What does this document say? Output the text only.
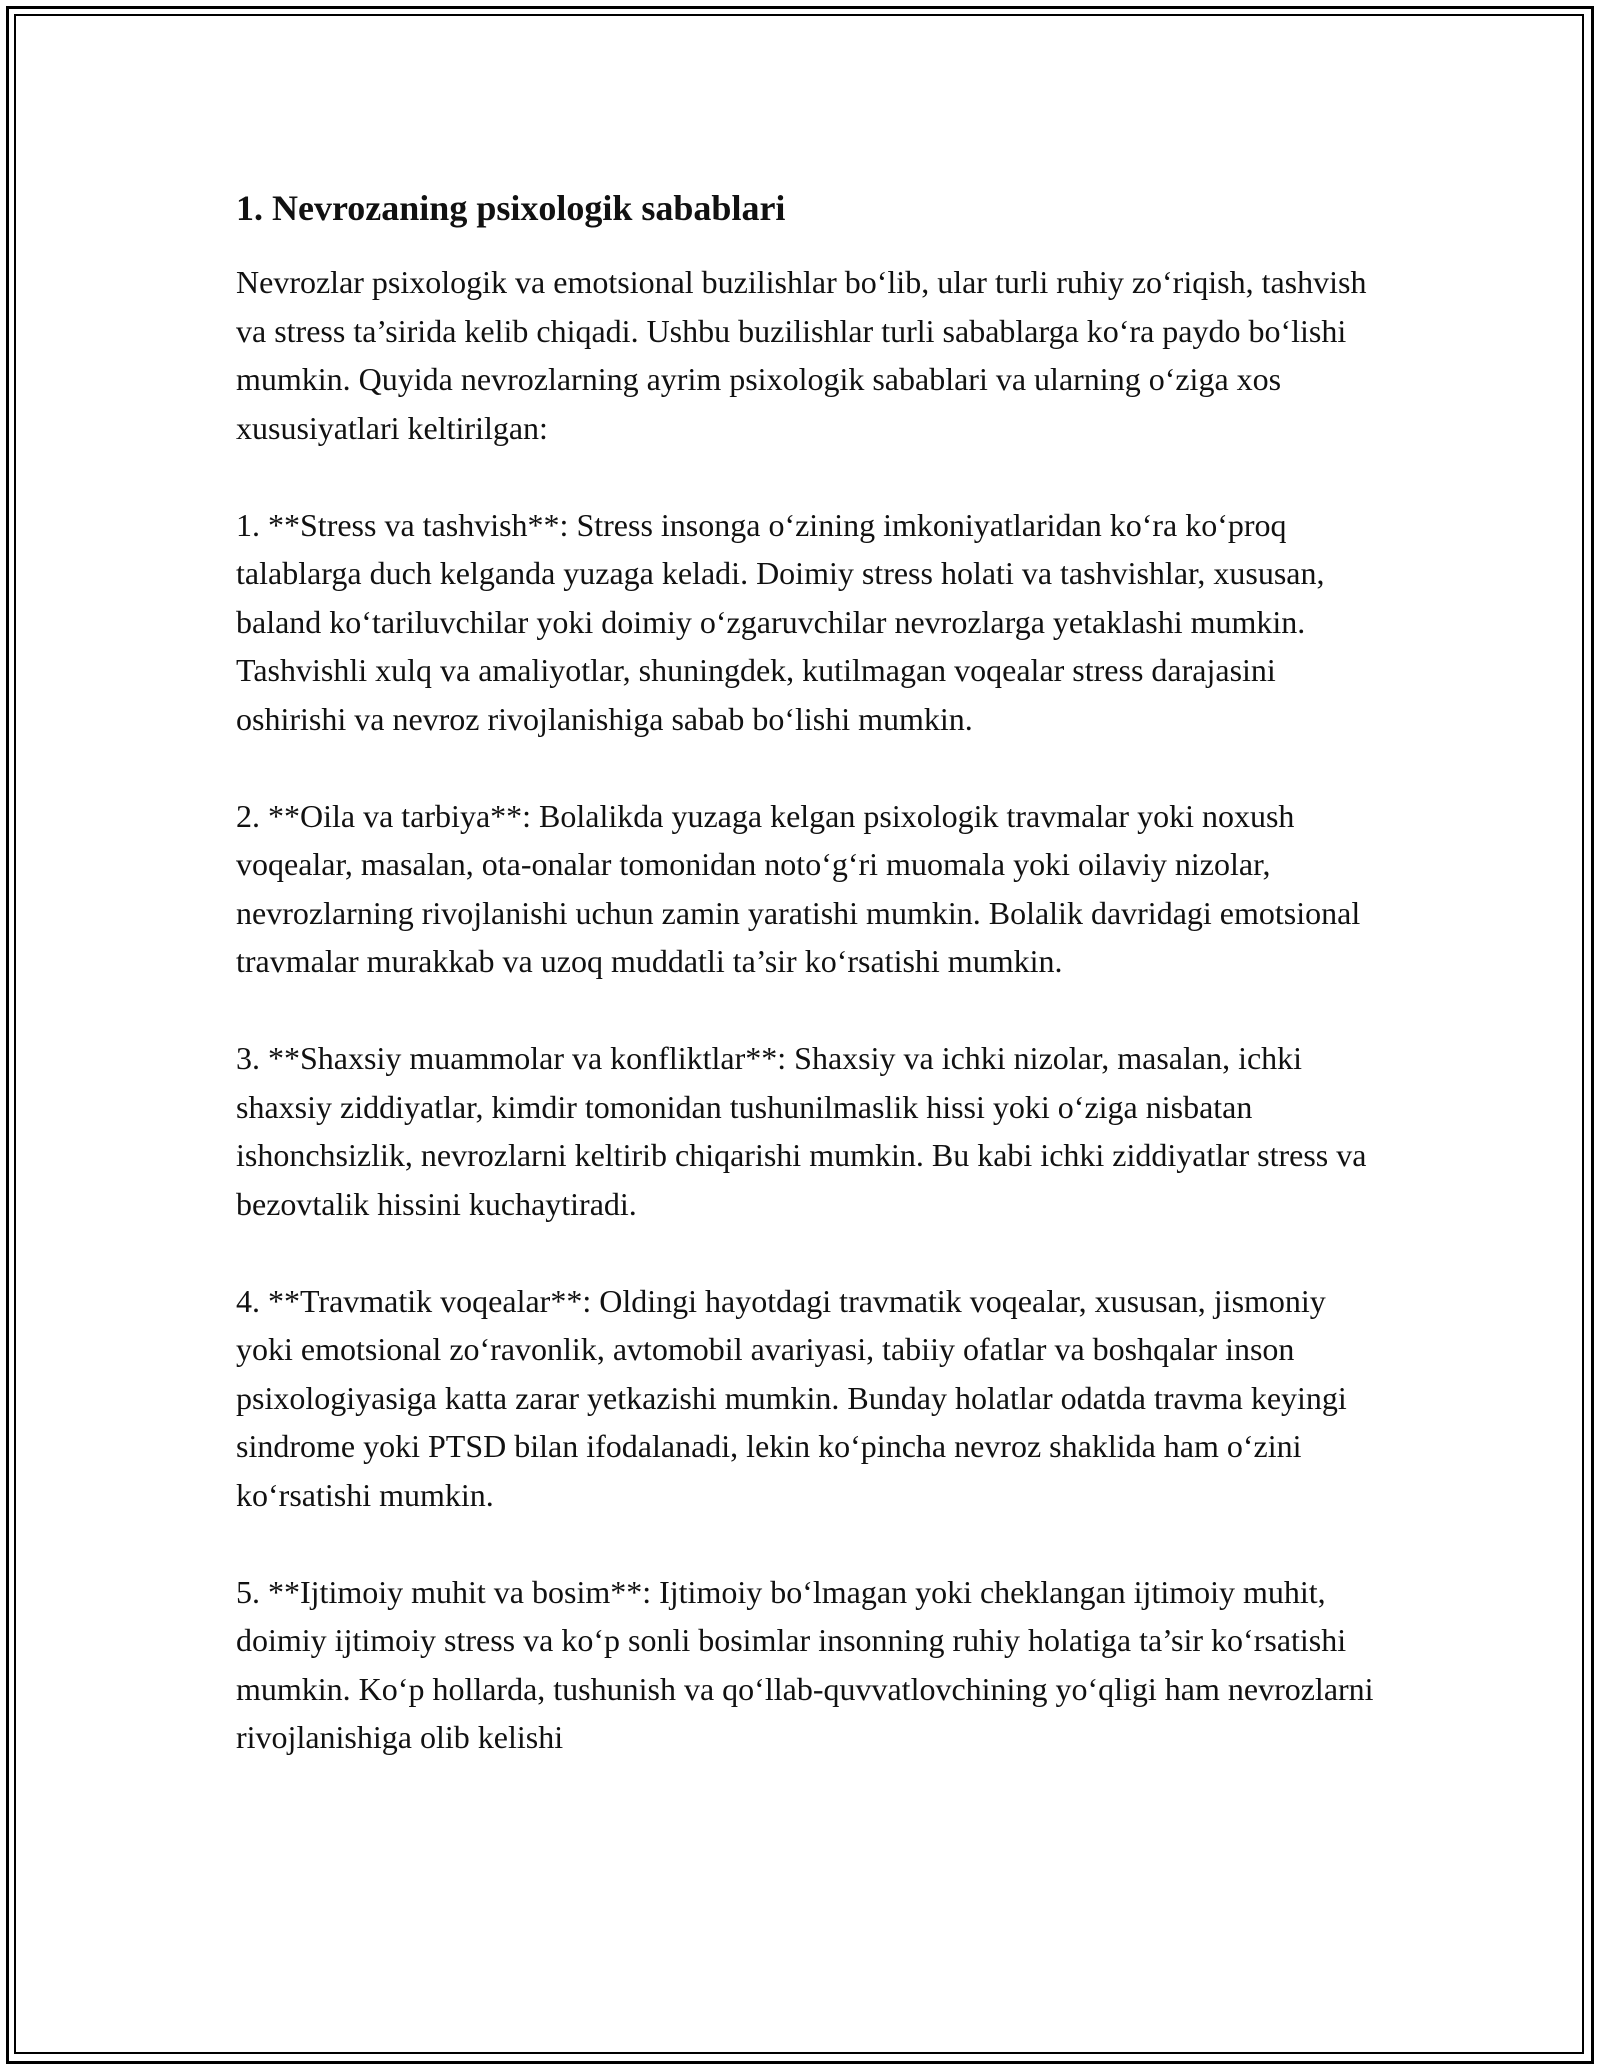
1. Nevrozaning psixologik sabablari

Nevrozlar psixologik va emotsional buzilishlar bo‘lib, ular turli ruhiy zo‘riqish, tashvish va stress ta’sirida kelib chiqadi. Ushbu buzilishlar turli sabablarga ko‘ra paydo bo‘lishi mumkin. Quyida nevrozlarning ayrim psixologik sabablari va ularning o‘ziga xos xususiyatlari keltirilgan:

1. **Stress va tashvish**: Stress insonga o‘zining imkoniyatlaridan ko‘ra ko‘proq talablarga duch kelganda yuzaga keladi. Doimiy stress holati va tashvishlar, xususan, baland ko‘tariluvchilar yoki doimiy o‘zgaruvchilar nevrozlarga yetaklashi mumkin. Tashvishli xulq va amaliyotlar, shuningdek, kutilmagan voqealar stress darajasini oshirishi va nevroz rivojlanishiga sabab bo‘lishi mumkin.

2. **Oila va tarbiya**: Bolalikda yuzaga kelgan psixologik travmalar yoki noxush voqealar, masalan, ota-onalar tomonidan noto‘g‘ri muomala yoki oilaviy nizolar, nevrozlarning rivojlanishi uchun zamin yaratishi mumkin. Bolalik davridagi emotsional travmalar murakkab va uzoq muddatli ta’sir ko‘rsatishi mumkin.

3. **Shaxsiy muammolar va konfliktlar**: Shaxsiy va ichki nizolar, masalan, ichki shaxsiy ziddiyatlar, kimdir tomonidan tushunilmaslik hissi yoki o‘ziga nisbatan ishonchsizlik, nevrozlarni keltirib chiqarishi mumkin. Bu kabi ichki ziddiyatlar stress va bezovtalik hissini kuchaytiradi.

4. **Travmatik voqealar**: Oldingi hayotdagi travmatik voqealar, xususan, jismoniy yoki emotsional zo‘ravonlik, avtomobil avariyasi, tabiiy ofatlar va boshqalar inson psixologiyasiga katta zarar yetkazishi mumkin. Bunday holatlar odatda travma keyingi sindrome yoki PTSD bilan ifodalanadi, lekin ko‘pincha nevroz shaklida ham o‘zini ko‘rsatishi mumkin.

5. **Ijtimoiy muhit va bosim**: Ijtimoiy bo‘lmagan yoki cheklangan ijtimoiy muhit, doimiy ijtimoiy stress va ko‘p sonli bosimlar insonning ruhiy holatiga ta’sir ko‘rsatishi mumkin. Ko‘p hollarda, tushunish va qo‘llab-quvvatlovchining yo‘qligi ham nevrozlarni rivojlanishiga olib kelishi
